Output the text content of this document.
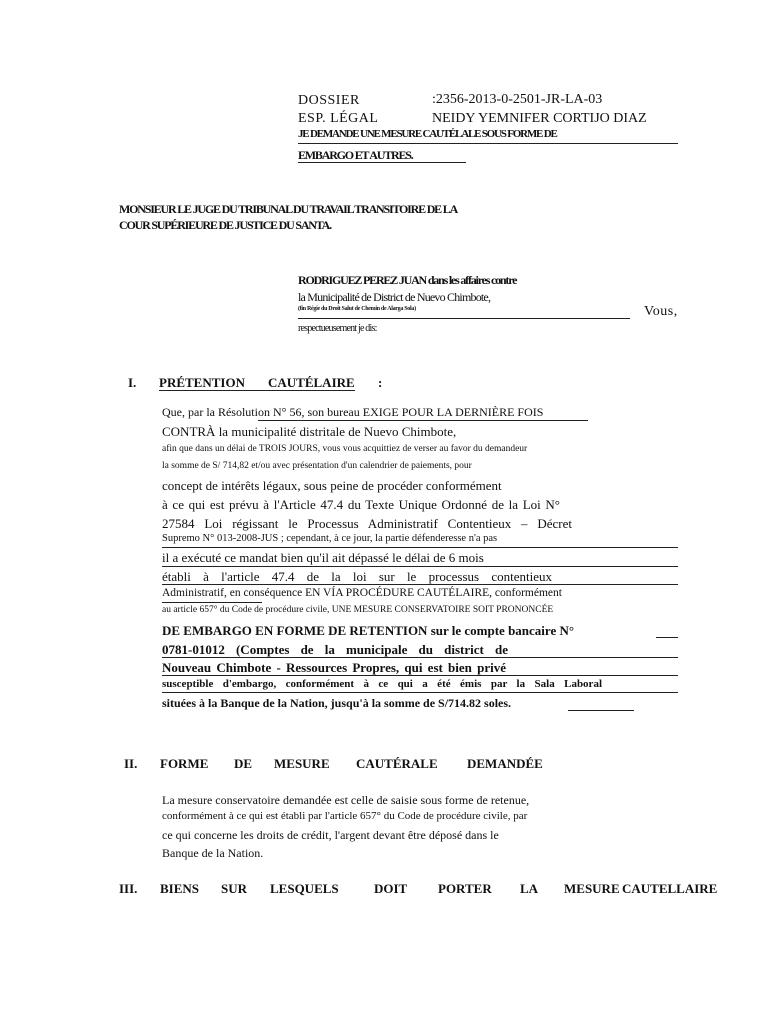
DOSSIER	:2356-2013-0-2501-JR-LA-03
ESP. LÉGAL	NEIDY YEMNIFER CORTIJO DIAZ
JE DEMANDE UNE MESURE CAUTÉLALE SOUS FORME DE
EMBARGO ET AUTRES.
MONSIEUR LE JUGE DU TRIBUNAL DU TRAVAIL TRANSITOIRE DE LA
COUR SUPÉRIEURE DE JUSTICE DU SANTA.
RODRIGUEZ PEREZ JUAN dans les affaires contre
la Municipalité de District de Nuevo Chimbote,
(fin Régie du Droit Salut de Chemin de Alarga Sola)	Vous,
respectueusement je dis:
I. PRÉTENTION CAUTÉLAIRE :
Que, par la Résolution N° 56, son bureau EXIGE POUR LA DERNIÈRE FOIS
CONTRÀ la municipalité distritale de Nuevo Chimbote,
afin que dans un délai de TROIS JOURS, vous vous acquittiez de verser au favor du demandeur
la somme de S/ 714,82 et/ou avec présentation d'un calendrier de paiements, pour
concept de intérêts légaux, sous peine de procéder conformément
à ce qui est prévu à l'Article 47.4 du Texte Unique Ordonné de la Loi N°
27584 Loi régissant le Processus Administratif Contentieux – Décret
Supremo N° 013-2008-JUS ; cependant, à ce jour, la partie défenderesse n'a pas
il a exécuté ce mandat bien qu'il ait dépassé le délai de 6 mois
établi à l'article 47.4 de la loi sur le processus contentieux
Administratif, en conséquence EN VÍA PROCÉDURE CAUTÉLAIRE, conformément
au article 657° du Code de procédure civile, UNE MESURE CONSERVATOIRE SOIT PRONONCÉE
DE EMBARGO EN FORME DE RETENTION sur le compte bancaire N°
0781-01012 (Comptes de la municipale du district de
Nouveau Chimbote - Ressources Propres, qui est bien privé
susceptible d'embargo, conformément à ce qui a été émis par la Sala Laboral
situées à la Banque de la Nation, jusqu'à la somme de S/714.82 soles.
II. FORME DE MESURE CAUTÉRALE DEMANDÉE
La mesure conservatoire demandée est celle de saisie sous forme de retenue,
conformément à ce qui est établi par l'article 657° du Code de procédure civile, par
ce qui concerne les droits de crédit, l'argent devant être déposé dans le
Banque de la Nation.
III. BIENS SUR LESQUELS	DOIT PORTER LA MESURE CAUTELLAIRE
